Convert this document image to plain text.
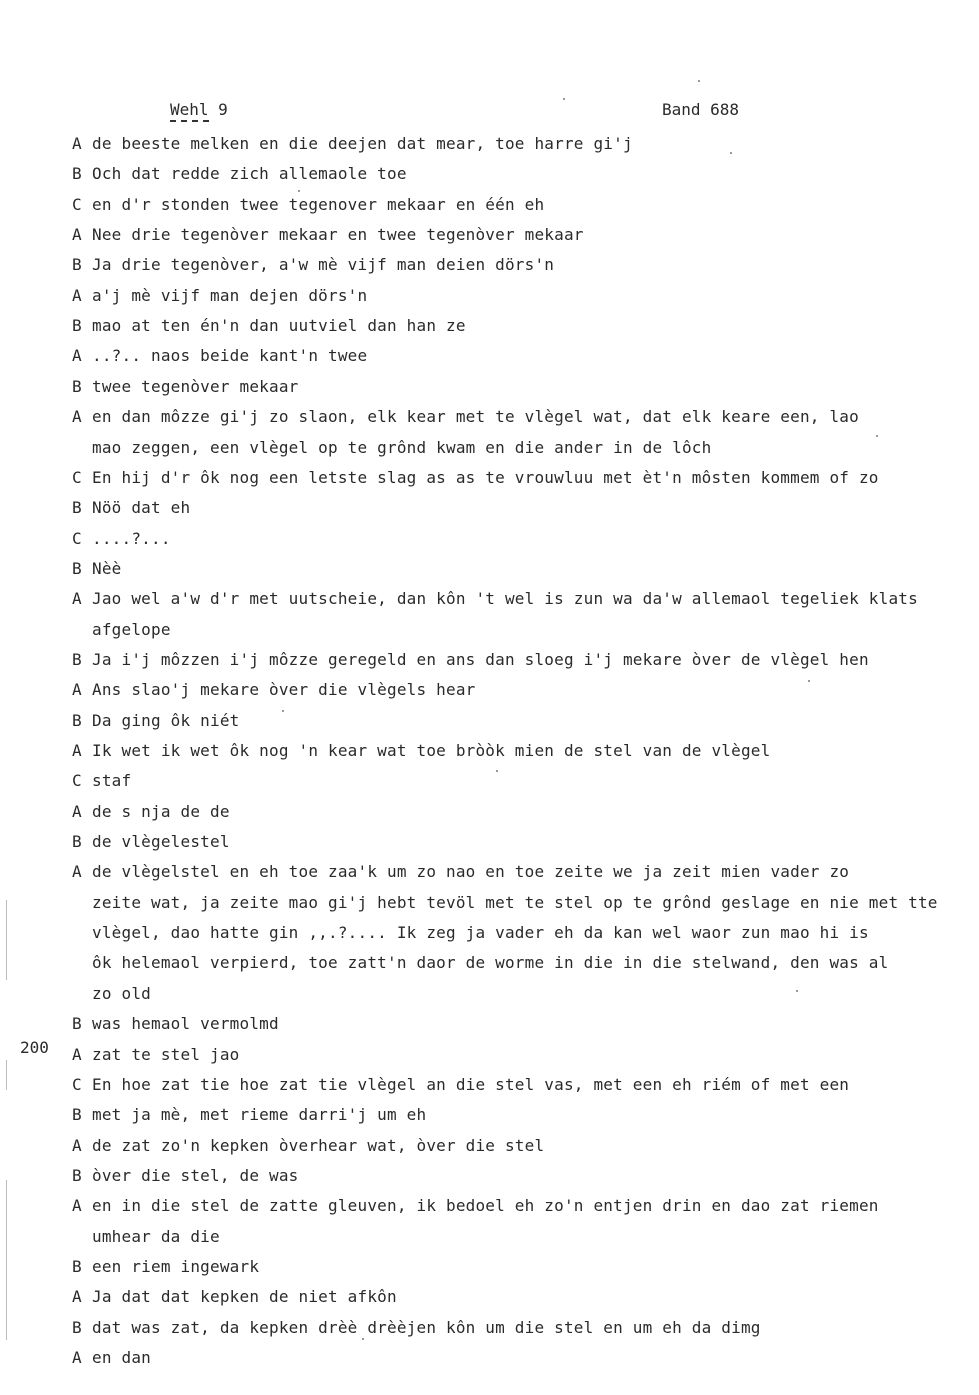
Wehl 9	Band 688
A de beeste melken en die deejen dat mear, toe harre gi'j
B Och dat redde zich allemaole toe
C en d'r stonden twee tegenover mekaar en één eh
A Nee drie tegenòver mekaar en twee tegenòver mekaar
B Ja drie tegenòver, a'w mè vijf man deien dörs'n
A a'j mè vijf man dejen dörs'n
B mao at ten én'n dan uutviel dan han ze
A ..?.. naos beide kant'n twee
B twee tegenòver mekaar
A en dan môzze gi'j zo slaon, elk kear met te vlègel wat, dat elk keare een, lao
mao zeggen, een vlègel op te grônd kwam en die ander in de lôch
C En hij d'r ôk nog een letste slag as as te vrouwluu met èt'n môsten kommem of zo
B Nöö dat eh
C ....?...
B Nèè
A Jao wel a'w d'r met uutscheie, dan kôn 't wel is zun wa da'w allemaol tegeliek klats
afgelope
B Ja i'j môzzen i'j môzze geregeld en ans dan sloeg i'j mekare òver de vlègel hen
A Ans slao'j mekare òver die vlègels hear
B Da ging ôk niét
A Ik wet ik wet ôk nog 'n kear wat toe bròòk mien de stel van de vlègel
C staf
A de s nja de de
B de vlègelestel
A de vlègelstel en eh toe zaa'k um zo nao en toe zeite we ja zeit mien vader zo
zeite wat, ja zeite mao gi'j hebt tevöl met te stel op te grônd geslage en nie met tte
vlègel, dao hatte gin ,,.?.... Ik zeg ja vader eh da kan wel waor zun mao hi is
ôk helemaol verpierd, toe zatt'n daor de worme in die in die stelwand, den was al
zo old
B was hemaol vermolmd
A zat te stel jao
C En hoe zat tie hoe zat tie vlègel an die stel vas, met een eh riém of met een
B met ja mè, met rieme darri'j um eh
A de zat zo'n kepken òverhear wat, òver die stel
B òver die stel, de was
A en in die stel de zatte gleuven, ik bedoel eh zo'n entjen drin en dao zat riemen
umhear da die
B een riem ingewark
A Ja dat dat kepken de niet afkôn
B dat was zat, da kepken drèè drèèjen kôn um die stel en um eh da dimg
A en dan
200
